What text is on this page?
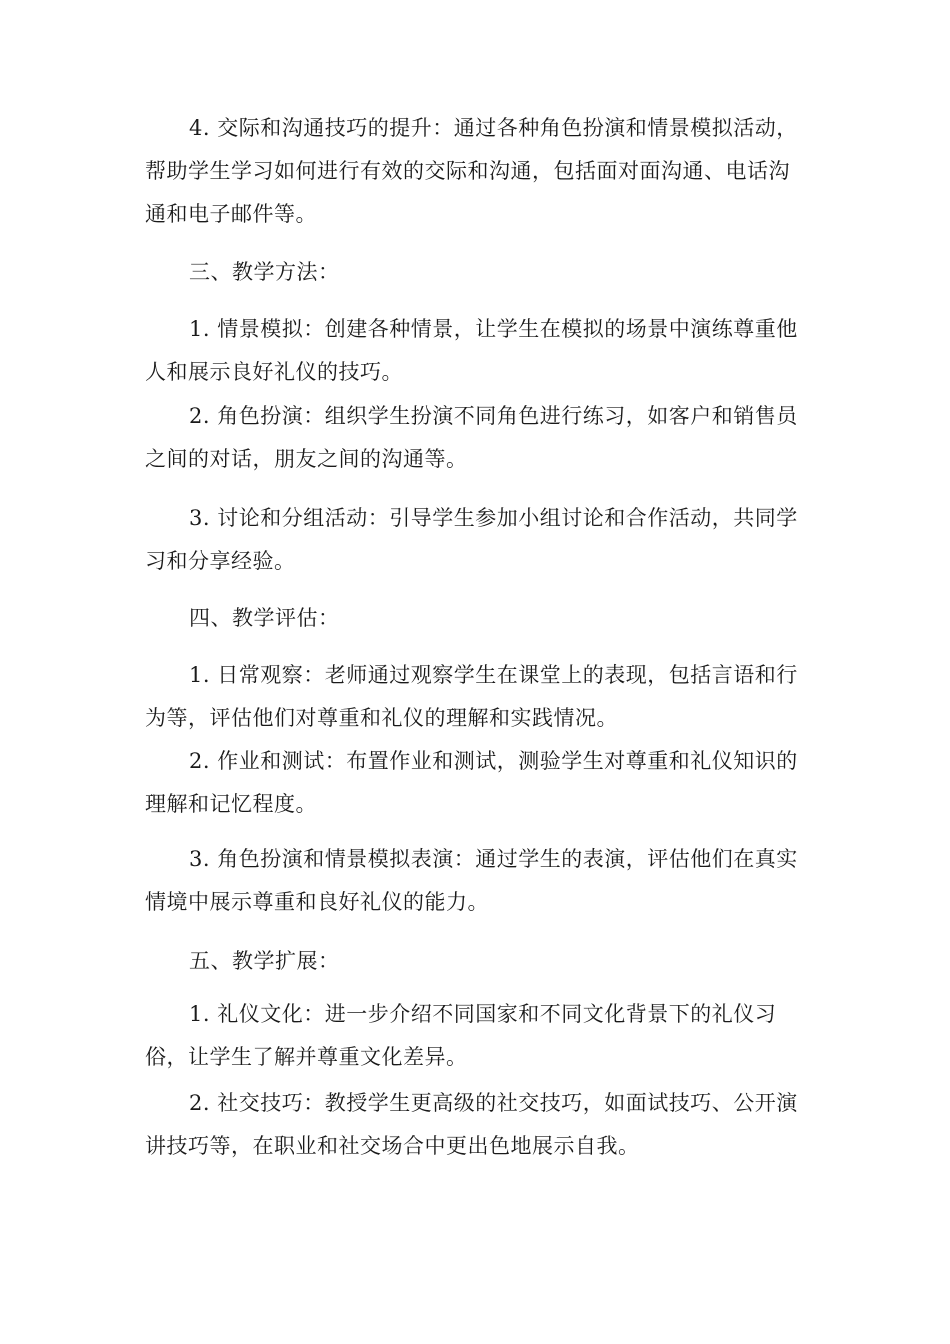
4. 交际和沟通技巧的提升：通过各种角色扮演和情景模拟活动，帮助学生学习如何进行有效的交际和沟通，包括面对面沟通、电话沟通和电子邮件等。

三、教学方法：

1. 情景模拟：创建各种情景，让学生在模拟的场景中演练尊重他人和展示良好礼仪的技巧。

2. 角色扮演：组织学生扮演不同角色进行练习，如客户和销售员之间的对话，朋友之间的沟通等。

3. 讨论和分组活动：引导学生参加小组讨论和合作活动，共同学习和分享经验。

四、教学评估：

1. 日常观察：老师通过观察学生在课堂上的表现，包括言语和行为等，评估他们对尊重和礼仪的理解和实践情况。

2. 作业和测试：布置作业和测试，测验学生对尊重和礼仪知识的理解和记忆程度。

3. 角色扮演和情景模拟表演：通过学生的表演，评估他们在真实情境中展示尊重和良好礼仪的能力。

五、教学扩展：

1. 礼仪文化：进一步介绍不同国家和不同文化背景下的礼仪习俗，让学生了解并尊重文化差异。

2. 社交技巧：教授学生更高级的社交技巧，如面试技巧、公开演讲技巧等，在职业和社交场合中更出色地展示自我。
